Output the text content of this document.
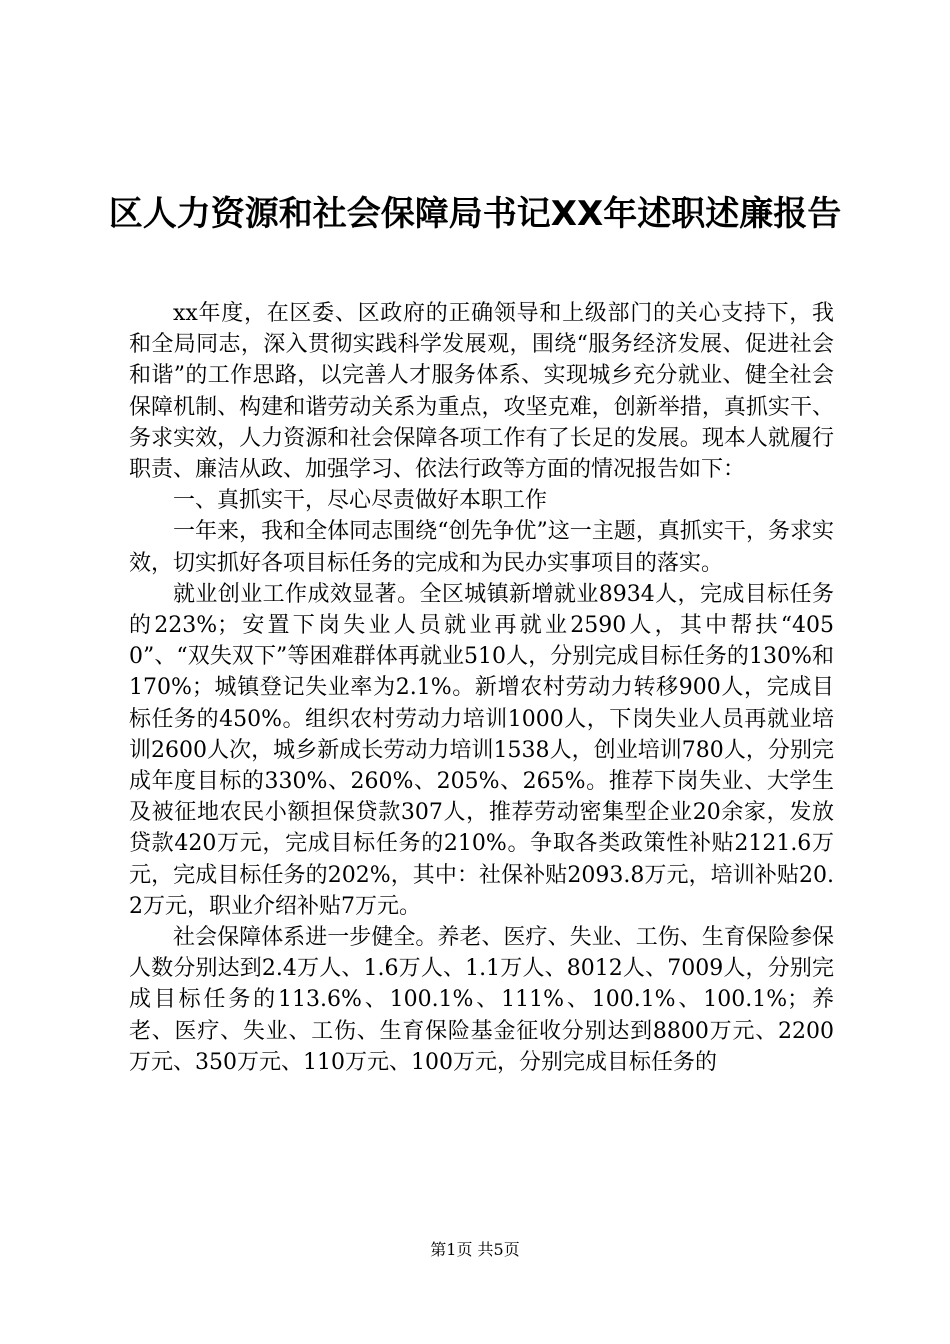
区人力资源和社会保障局书记XX年述职述廉报告

xx年度，在区委、区政府的正确领导和上级部门的关心支持下，我和全局同志，深入贯彻实践科学发展观，围绕“服务经济发展、促进社会和谐”的工作思路，以完善人才服务体系、实现城乡充分就业、健全社会保障机制、构建和谐劳动关系为重点，攻坚克难，创新举措，真抓实干、务求实效，人力资源和社会保障各项工作有了长足的发展。现本人就履行职责、廉洁从政、加强学习、依法行政等方面的情况报告如下：

一、真抓实干，尽心尽责做好本职工作

一年来，我和全体同志围绕“创先争优”这一主题，真抓实干，务求实效，切实抓好各项目标任务的完成和为民办实事项目的落实。

就业创业工作成效显著。全区城镇新增就业8934人，完成目标任务的223%；安置下岗失业人员就业再就业2590人，其中帮扶“4050”、“双失双下”等困难群体再就业510人，分别完成目标任务的130%和170%；城镇登记失业率为2.1%。新增农村劳动力转移900人，完成目标任务的450%。组织农村劳动力培训1000人，下岗失业人员再就业培训2600人次，城乡新成长劳动力培训1538人，创业培训780人，分别完成年度目标的330%、260%、205%、265%。推荐下岗失业、大学生及被征地农民小额担保贷款307人，推荐劳动密集型企业20余家，发放贷款420万元，完成目标任务的210%。争取各类政策性补贴2121.6万元，完成目标任务的202%，其中：社保补贴2093.8万元，培训补贴20.2万元，职业介绍补贴7万元。

社会保障体系进一步健全。养老、医疗、失业、工伤、生育保险参保人数分别达到2.4万人、1.6万人、1.1万人、8012人、7009人，分别完成目标任务的113.6%、100.1%、111%、100.1%、100.1%；养老、医疗、失业、工伤、生育保险基金征收分别达到8800万元、2200万元、350万元、110万元、100万元，分别完成目标任务的

第1页 共5页
